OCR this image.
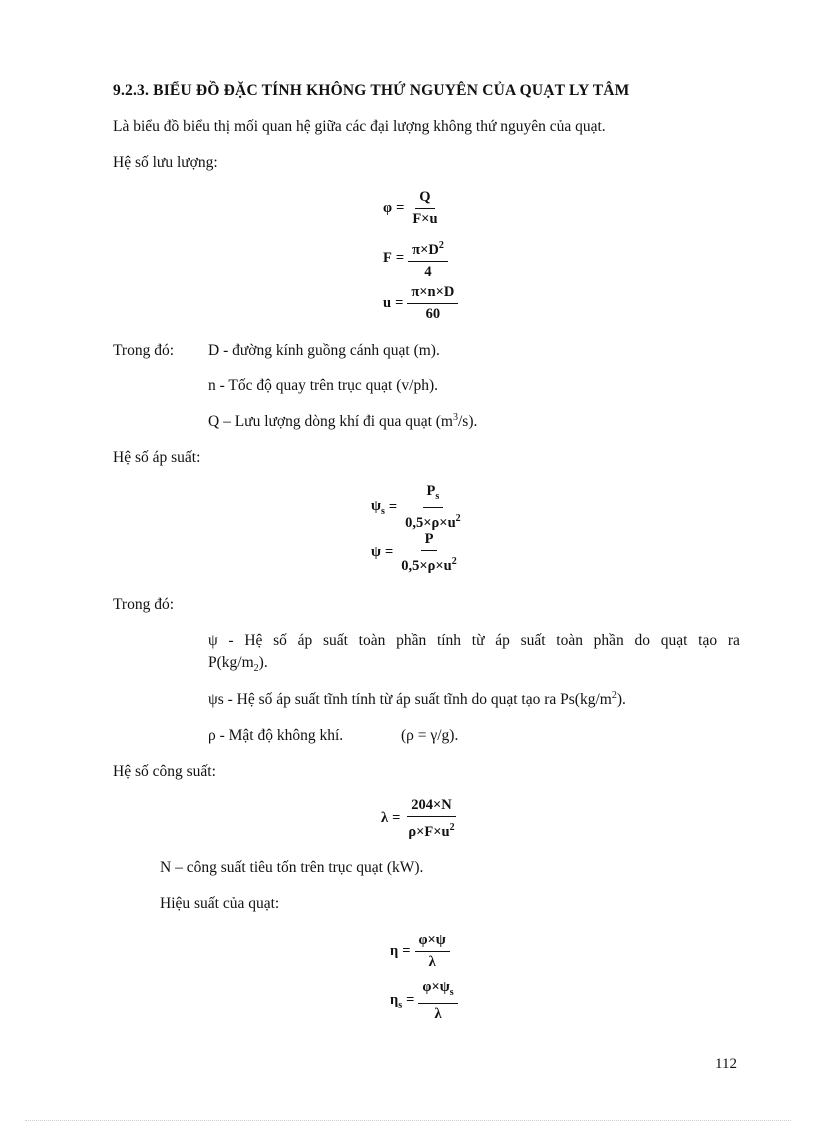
9.2.3. BIỂU ĐỒ ĐẶC TÍNH KHÔNG THỨ NGUYÊN CỦA QUẠT LY TÂM
Là biểu đồ biểu thị mối quan hệ giữa các đại lượng không thứ nguyên của quạt.
Hệ số lưu lượng:
$\varphi = \frac{Q}{F\times u}$
$F = \frac{\pi\times D^2}{4}$
$u = \frac{\pi\times n\times D}{60}$
Trong đó: D - đường kính guồng cánh quạt (m).
n - Tốc độ quay trên trục quạt (v/ph).
Q – Lưu lượng dòng khí đi qua quạt $(m^3/s)$.
Hệ số áp suất:
$\psi_s = \frac{P_s}{0,5\times\rho\times u^2}$
$\psi = \frac{P}{0,5\times\rho\times u^2}$
Trong đó:
ψ - Hệ số áp suất toàn phần tính từ áp suất toàn phần do quạt tạo ra
$P(kg/m_2)$.
ψs - Hệ số áp suất tĩnh tính từ áp suất tĩnh do quạt tạo ra $Ps(kg/m^2)$.
ρ - Mật độ không khí.	(ρ = γ/g).
Hệ số công suất:
$\lambda = \frac{204\times N}{\rho\times F\times u^2}$
N – công suất tiêu tốn trên trục quạt (kW).
Hiệu suất của quạt:
$\eta = \frac{\varphi\times\psi}{\lambda}$
$\eta_s = \frac{\varphi\times\psi_s}{\lambda}$
112
